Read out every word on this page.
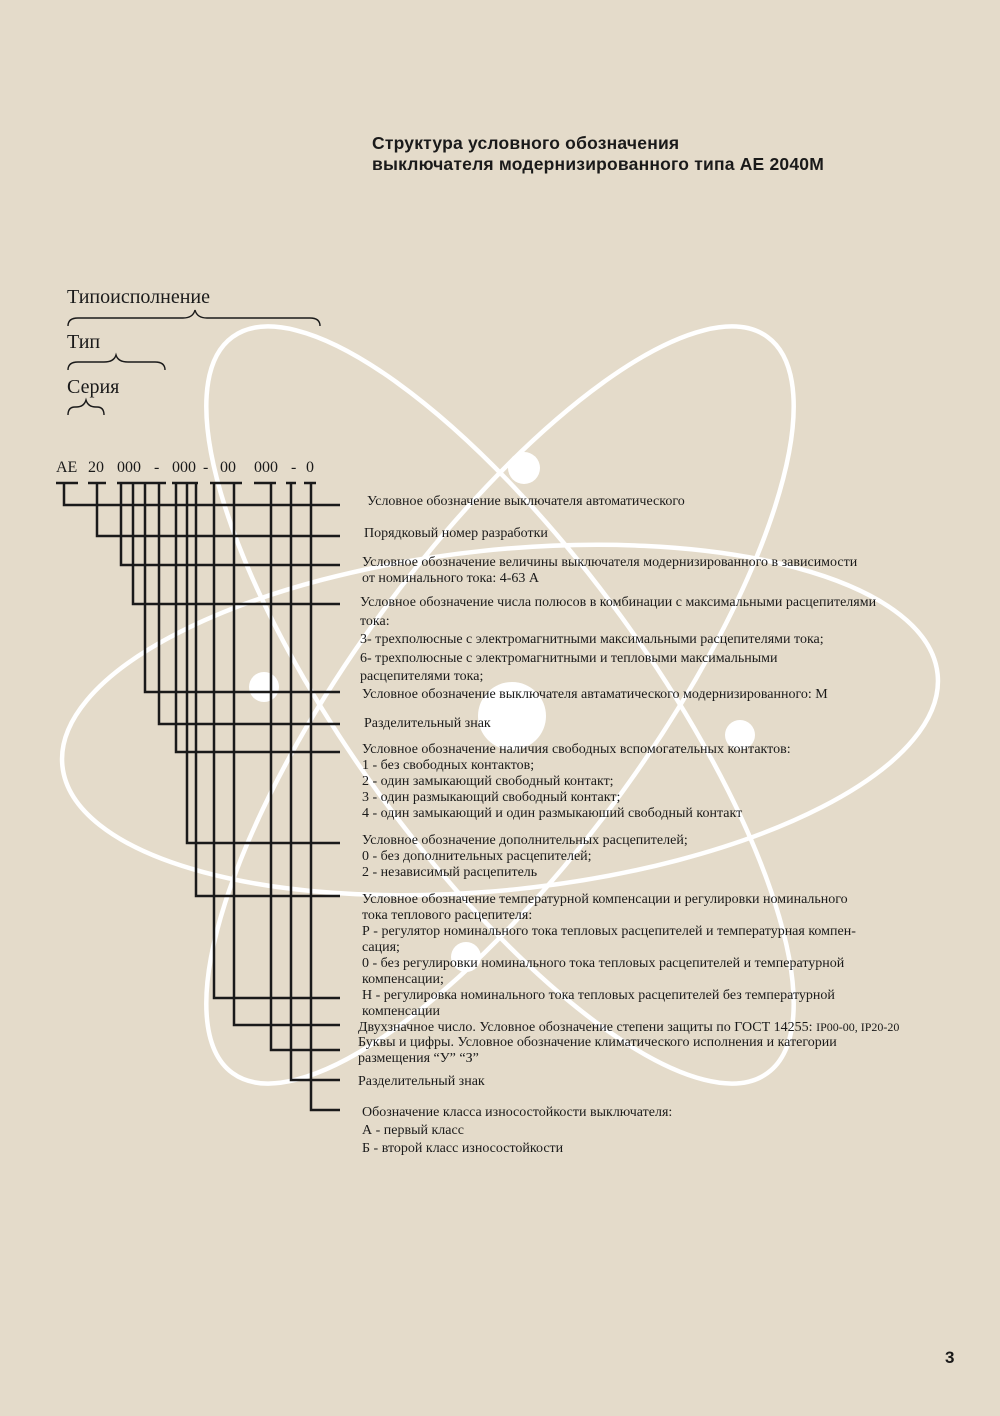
Структура условного обозначения
выключателя модернизированного типа АЕ 2040М
Типоисполнение
Тип
Серия
АЕ 20 000 - 000 - 00 000 - 0
Условное обозначение выключателя автоматического
Порядковый номер разработки
Условное обозначение величины выключателя модернизированного в зависимости
от номинального тока: 4-63 А
Условное обозначение числа полюсов в комбинации с максимальными расцепителями
тока:
3- трехполюсные с электромагнитными максимальными расцепителями тока;
6- трехполюсные с электромагнитными и тепловыми максимальными
расцепителями тока;
Условное обозначение выключателя автаматического модернизированного: М
Разделительный знак
Условное обозначение наличия свободных вспомогательных контактов:
1 - без свободных контактов;
2 - один замыкающий свободный контакт;
3 - один размыкающий свободный контакт;
4 - один замыкающий и один размыкаюший свободный контакт
Условное обозначение дополнительных расцепителей;
0 - без дополнительных расцепителей;
2 - независимый расцепитель
Условное обозначение температурной компенсации и регулировки номинального
тока теплового расцепителя:
Р - регулятор номинального тока тепловых расцепителей и температурная компен-
сация;
0 - без регулировки номинального тока тепловых расцепителей и температурной
компенсации;
Н - регулировка номинального тока тепловых расцепителей без температурной
компенсации
Двухзначное число. Условное обозначение степени защиты по ГОСТ 14255: IP00-00, IP20-20
Буквы и цифры. Условное обозначение климатического исполнения и категории
размещения “У” “З”
Разделительный знак
Обозначение класса износостойкости выключателя:
А - первый класс
Б - второй класс износостойкости
3
